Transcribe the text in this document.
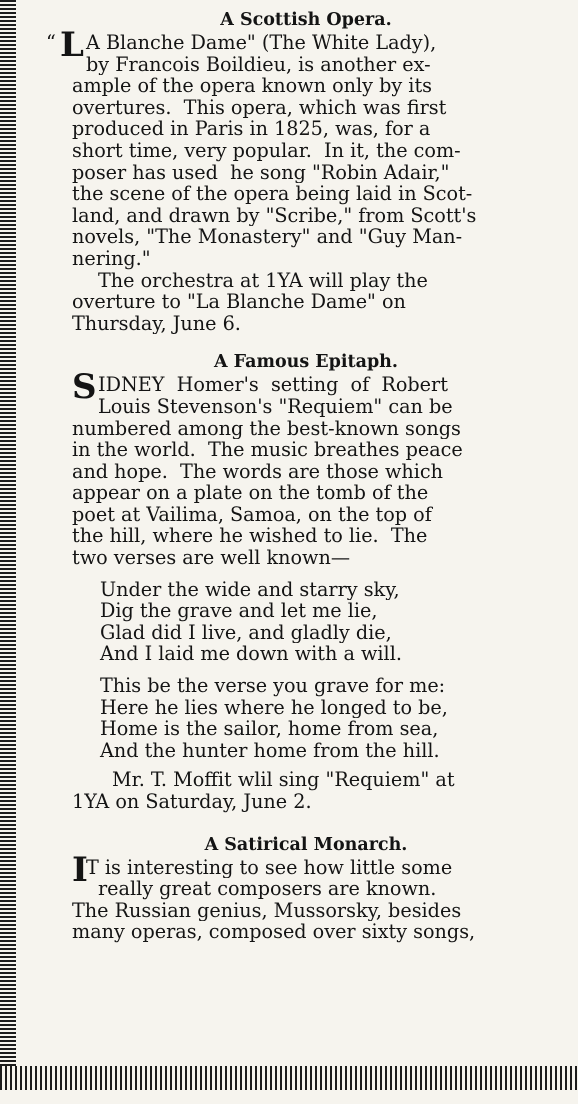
A Scottish Opera.
“ L A Blanche Dame" (The White Lady),
by Francois Boildieu, is another ex-
ample of the opera known only by its
overtures.  This opera, which was first
produced in Paris in 1825, was, for a
short time, very popular.  In it, the com-
poser has used  he song "Robin Adair,"
the scene of the opera being laid in Scot-
land, and drawn by "Scribe," from Scott's
novels, "The Monastery" and "Guy Man-
nering."
The orchestra at 1YA will play the
overture to "La Blanche Dame" on
Thursday, June 6.
A Famous Epitaph.
S IDNEY  Homer's  setting  of  Robert
Louis Stevenson's "Requiem" can be
numbered among the best-known songs
in the world.  The music breathes peace
and hope.  The words are those which
appear on a plate on the tomb of the
poet at Vailima, Samoa, on the top of
the hill, where he wished to lie.  The
two verses are well known—
Under the wide and starry sky,
Dig the grave and let me lie,
Glad did I live, and gladly die,
And I laid me down with a will.
This be the verse you grave for me:
Here he lies where he longed to be,
Home is the sailor, home from sea,
And the hunter home from the hill.
Mr. T. Moffit wlil sing "Requiem" at
1YA on Saturday, June 2.
A Satirical Monarch.
I
T is interesting to see how little some
really great composers are known.
The Russian genius, Mussorsky, besides
many operas, composed over sixty songs,
